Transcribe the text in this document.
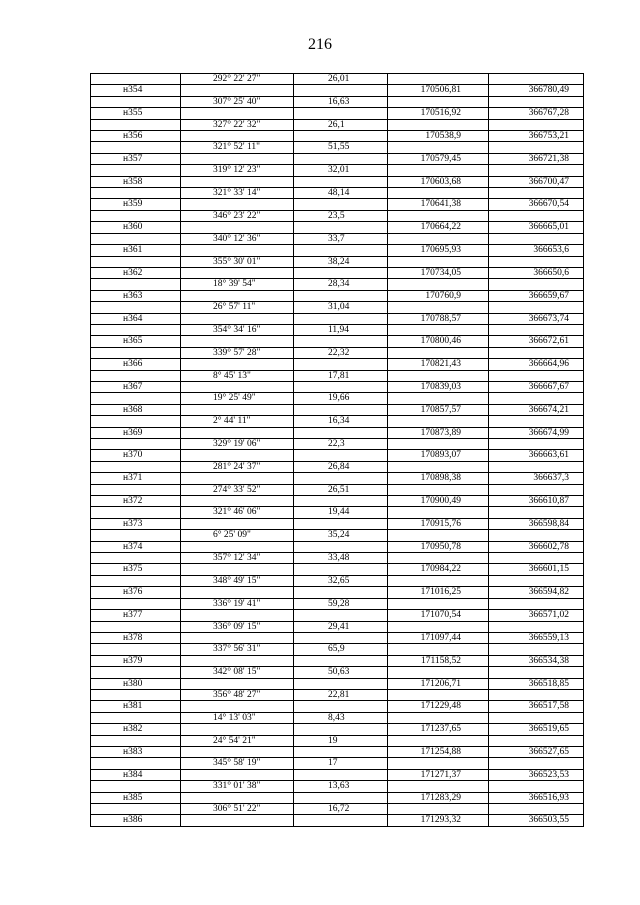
216
	292° 22' 27"	26,01		
н354			170506,81	366780,49
	307° 25' 40"	16,63		
н355			170516,92	366767,28
	327° 22' 32"	26,1		
н356			170538,9	366753,21
	321° 52' 11"	51,55		
н357			170579,45	366721,38
	319° 12' 23"	32,01		
н358			170603,68	366700,47
	321° 33' 14"	48,14		
н359			170641,38	366670,54
	346° 23' 22"	23,5		
н360			170664,22	366665,01
	340° 12' 36"	33,7		
н361			170695,93	366653,6
	355° 30' 01"	38,24		
н362			170734,05	366650,6
	18° 39' 54"	28,34		
н363			170760,9	366659,67
	26° 57' 11"	31,04		
н364			170788,57	366673,74
	354° 34' 16"	11,94		
н365			170800,46	366672,61
	339° 57' 28"	22,32		
н366			170821,43	366664,96
	8° 45' 13"	17,81		
н367			170839,03	366667,67
	19° 25' 49"	19,66		
н368			170857,57	366674,21
	2° 44' 11"	16,34		
н369			170873,89	366674,99
	329° 19' 06"	22,3		
н370			170893,07	366663,61
	281° 24' 37"	26,84		
н371			170898,38	366637,3
	274° 33' 52"	26,51		
н372			170900,49	366610,87
	321° 46' 06"	19,44		
н373			170915,76	366598,84
	6° 25' 09"	35,24		
н374			170950,78	366602,78
	357° 12' 34"	33,48		
н375			170984,22	366601,15
	348° 49' 15"	32,65		
н376			171016,25	366594,82
	336° 19' 41"	59,28		
н377			171070,54	366571,02
	336° 09' 15"	29,41		
н378			171097,44	366559,13
	337° 56' 31"	65,9		
н379			171158,52	366534,38
	342° 08' 15"	50,63		
н380			171206,71	366518,85
	356° 48' 27"	22,81		
н381			171229,48	366517,58
	14° 13' 03"	8,43		
н382			171237,65	366519,65
	24° 54' 21"	19		
н383			171254,88	366527,65
	345° 58' 19"	17		
н384			171271,37	366523,53
	331° 01' 38"	13,63		
н385			171283,29	366516,93
	306° 51' 22"	16,72		
н386			171293,32	366503,55
